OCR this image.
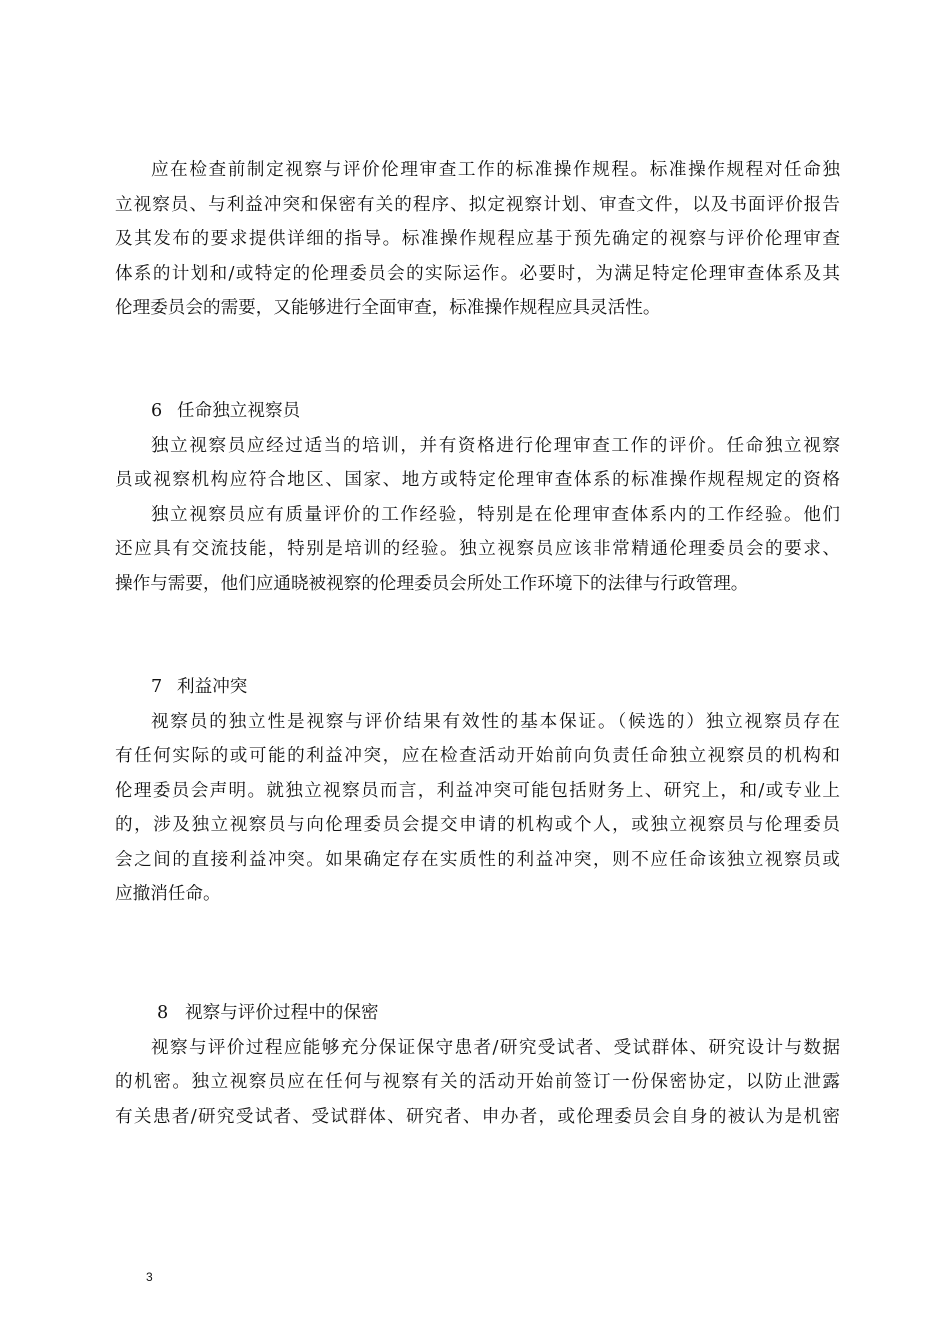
应在检查前制定视察与评价伦理审查工作的标准操作规程。标准操作规程对任命独
立视察员、与利益冲突和保密有关的程序、拟定视察计划、审查文件，以及书面评价报告
及其发布的要求提供详细的指导。标准操作规程应基于预先确定的视察与评价伦理审查
体系的计划和/或特定的伦理委员会的实际运作。必要时，为满足特定伦理审查体系及其
伦理委员会的需要，又能够进行全面审查，标准操作规程应具灵活性。
6 任命独立视察员
独立视察员应经过适当的培训，并有资格进行伦理审查工作的评价。任命独立视察
员或视察机构应符合地区、国家、地方或特定伦理审查体系的标准操作规程规定的资格
独立视察员应有质量评价的工作经验，特别是在伦理审查体系内的工作经验。他们
还应具有交流技能，特别是培训的经验。独立视察员应该非常精通伦理委员会的要求、
操作与需要，他们应通晓被视察的伦理委员会所处工作环境下的法律与行政管理。
7 利益冲突
视察员的独立性是视察与评价结果有效性的基本保证。（候选的）独立视察员存在
有任何实际的或可能的利益冲突，应在检查活动开始前向负责任命独立视察员的机构和
伦理委员会声明。就独立视察员而言，利益冲突可能包括财务上、研究上，和/或专业上
的，涉及独立视察员与向伦理委员会提交申请的机构或个人，或独立视察员与伦理委员
会之间的直接利益冲突。如果确定存在实质性的利益冲突，则不应任命该独立视察员或
应撤消任命。
8 视察与评价过程中的保密
视察与评价过程应能够充分保证保守患者/研究受试者、受试群体、研究设计与数据
的机密。独立视察员应在任何与视察有关的活动开始前签订一份保密协定，以防止泄露
有关患者/研究受试者、受试群体、研究者、申办者，或伦理委员会自身的被认为是机密
3
